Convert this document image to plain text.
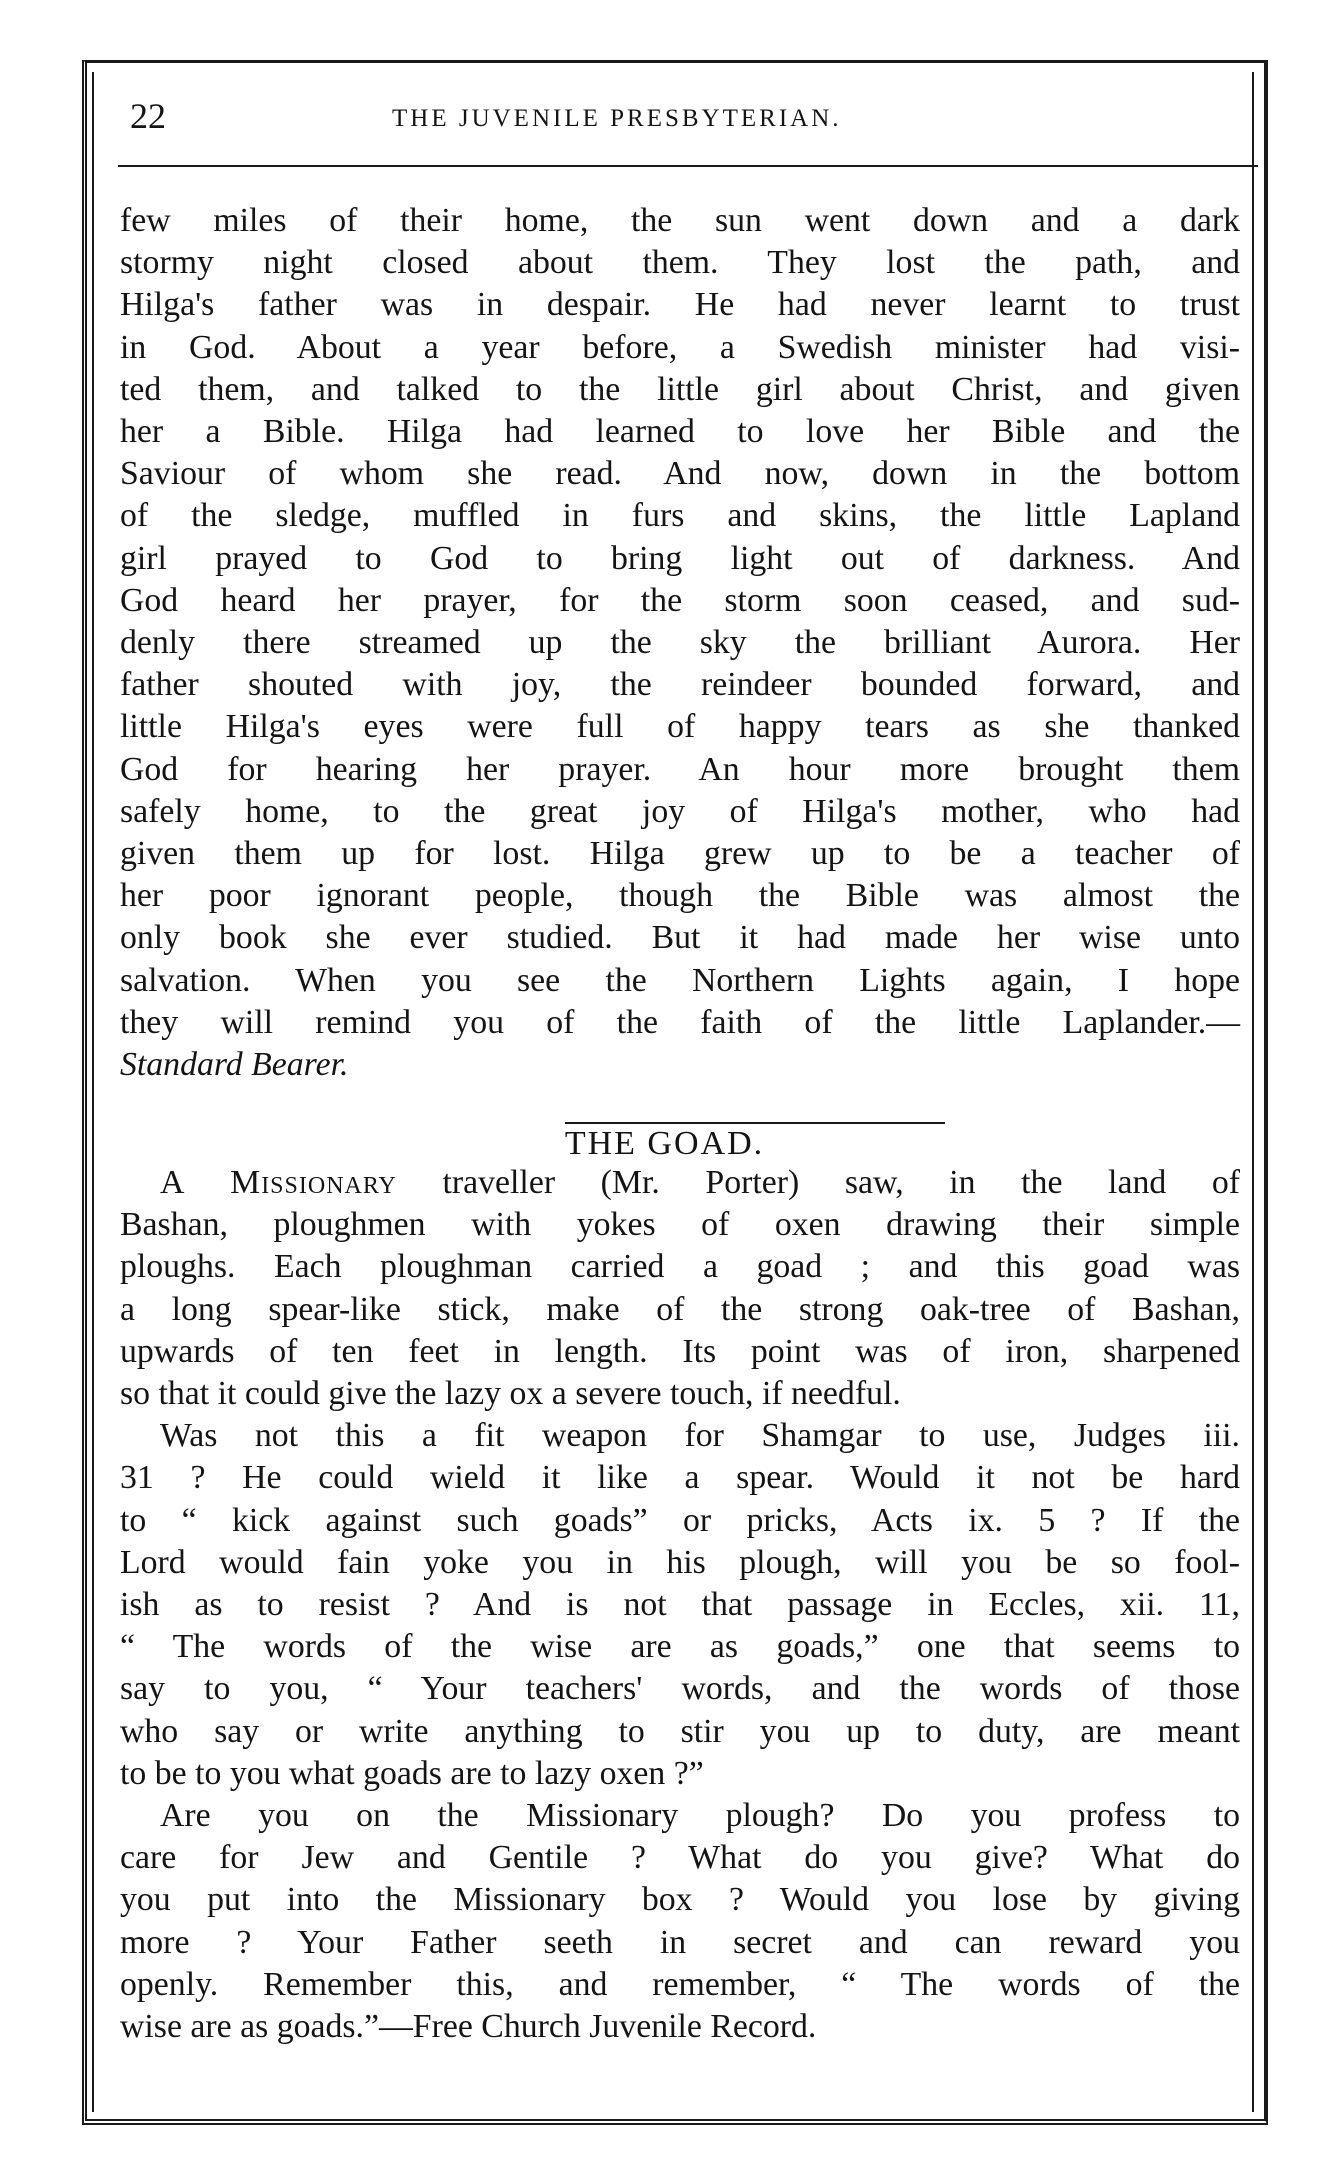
22	THE JUVENILE PRESBYTERIAN.
few miles of their home, the sun went down and a dark
stormy night closed about them. They lost the path, and
Hilga's father was in despair. He had never learnt to trust
in God. About a year before, a Swedish minister had visi-
ted them, and talked to the little girl about Christ, and given
her a Bible. Hilga had learned to love her Bible and the
Saviour of whom she read. And now, down in the bottom
of the sledge, muffled in furs and skins, the little Lapland
girl prayed to God to bring light out of darkness. And
God heard her prayer, for the storm soon ceased, and sud-
denly there streamed up the sky the brilliant Aurora. Her
father shouted with joy, the reindeer bounded forward, and
little Hilga's eyes were full of happy tears as she thanked
God for hearing her prayer. An hour more brought them
safely home, to the great joy of Hilga's mother, who had
given them up for lost. Hilga grew up to be a teacher of
her poor ignorant people, though the Bible was almost the
only book she ever studied. But it had made her wise unto
salvation. When you see the Northern Lights again, I hope
they will remind you of the faith of the little Laplander.—
Standard Bearer.
THE GOAD.
A Missionary traveller (Mr. Porter) saw, in the land of
Bashan, ploughmen with yokes of oxen drawing their simple
ploughs. Each ploughman carried a goad ; and this goad was
a long spear-like stick, make of the strong oak-tree of Bashan,
upwards of ten feet in length. Its point was of iron, sharpened
so that it could give the lazy ox a severe touch, if needful.
Was not this a fit weapon for Shamgar to use, Judges iii.
31 ? He could wield it like a spear. Would it not be hard
to “ kick against such goads” or pricks, Acts ix. 5 ? If the
Lord would fain yoke you in his plough, will you be so fool-
ish as to resist ? And is not that passage in Eccles, xii. 11,
“ The words of the wise are as goads,” one that seems to
say to you, “ Your teachers' words, and the words of those
who say or write anything to stir you up to duty, are meant
to be to you what goads are to lazy oxen ?”
Are you on the Missionary plough? Do you profess to
care for Jew and Gentile ? What do you give? What do
you put into the Missionary box ? Would you lose by giving
more ? Your Father seeth in secret and can reward you
openly. Remember this, and remember, “ The words of the
wise are as goads.”—Free Church Juvenile Record.
